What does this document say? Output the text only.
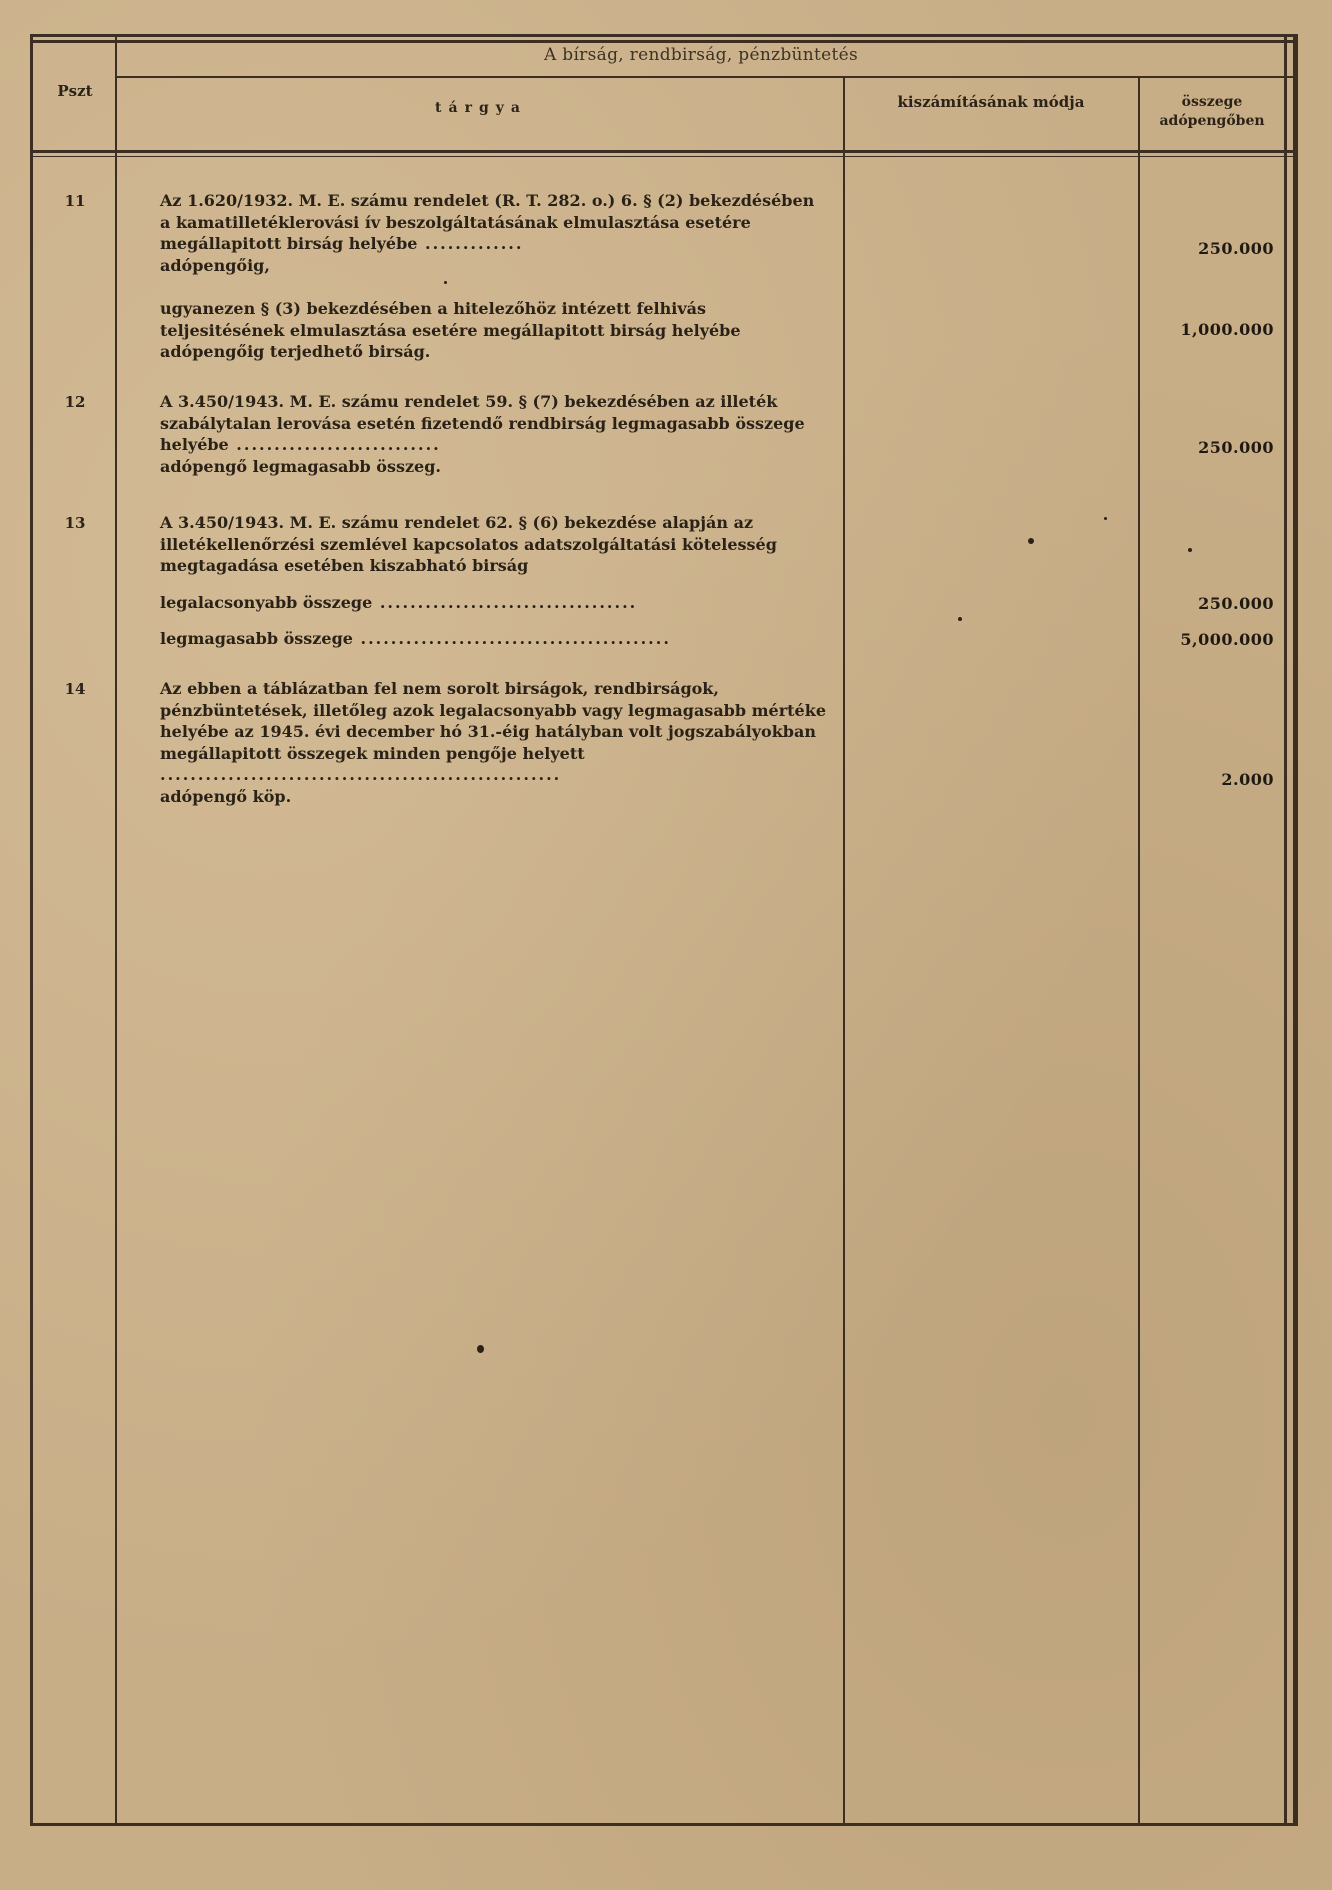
A bírság, rendbirság, pénzbüntetés
Pszt
tárgya	kiszámításának módja	összege adópengőben
11	Az 1.620/1932. M. E. számu rendelet (R. T. 282. o.) 6. § (2) bekezdésében a kamatilletéklerovási ív beszolgáltatásának elmulasztása esetére megállapitott birság helyébe .............

adópengőig,

250.000
ugyanezen § (3) bekezdésében a hitelezőhöz intézett felhivás teljesitésének elmulasztása esetére megállapitott birság helyébe adópengőig terjedhető birság.
1,000.000
12	A 3.450/1943. M. E. számu rendelet 59. § (7) bekezdésében az illeték szabálytalan lerovása esetén fizetendő rendbirság legmagasabb összege helyébe ...........................

adópengő legmagasabb összeg.

250.000
13	A 3.450/1943. M. E. számu rendelet 62. § (6) bekezdése alapján az illetékellenőrzési szemlével kapcsolatos adatszolgáltatási kötelesség megtagadása esetében kiszabható birság
legalacsonyabb összege ..................................	250.000
legmagasabb összege .........................................	5,000.000
14	Az ebben a táblázatban fel nem sorolt birságok, rendbirságok, pénzbüntetések, illetőleg azok legalacsonyabb vagy legmagasabb mértéke helyébe az 1945. évi december hó 31.-éig hatályban volt jogszabályokban megállapitott összegek minden pengője helyett .....................................................

adópengő köp.

2.000
